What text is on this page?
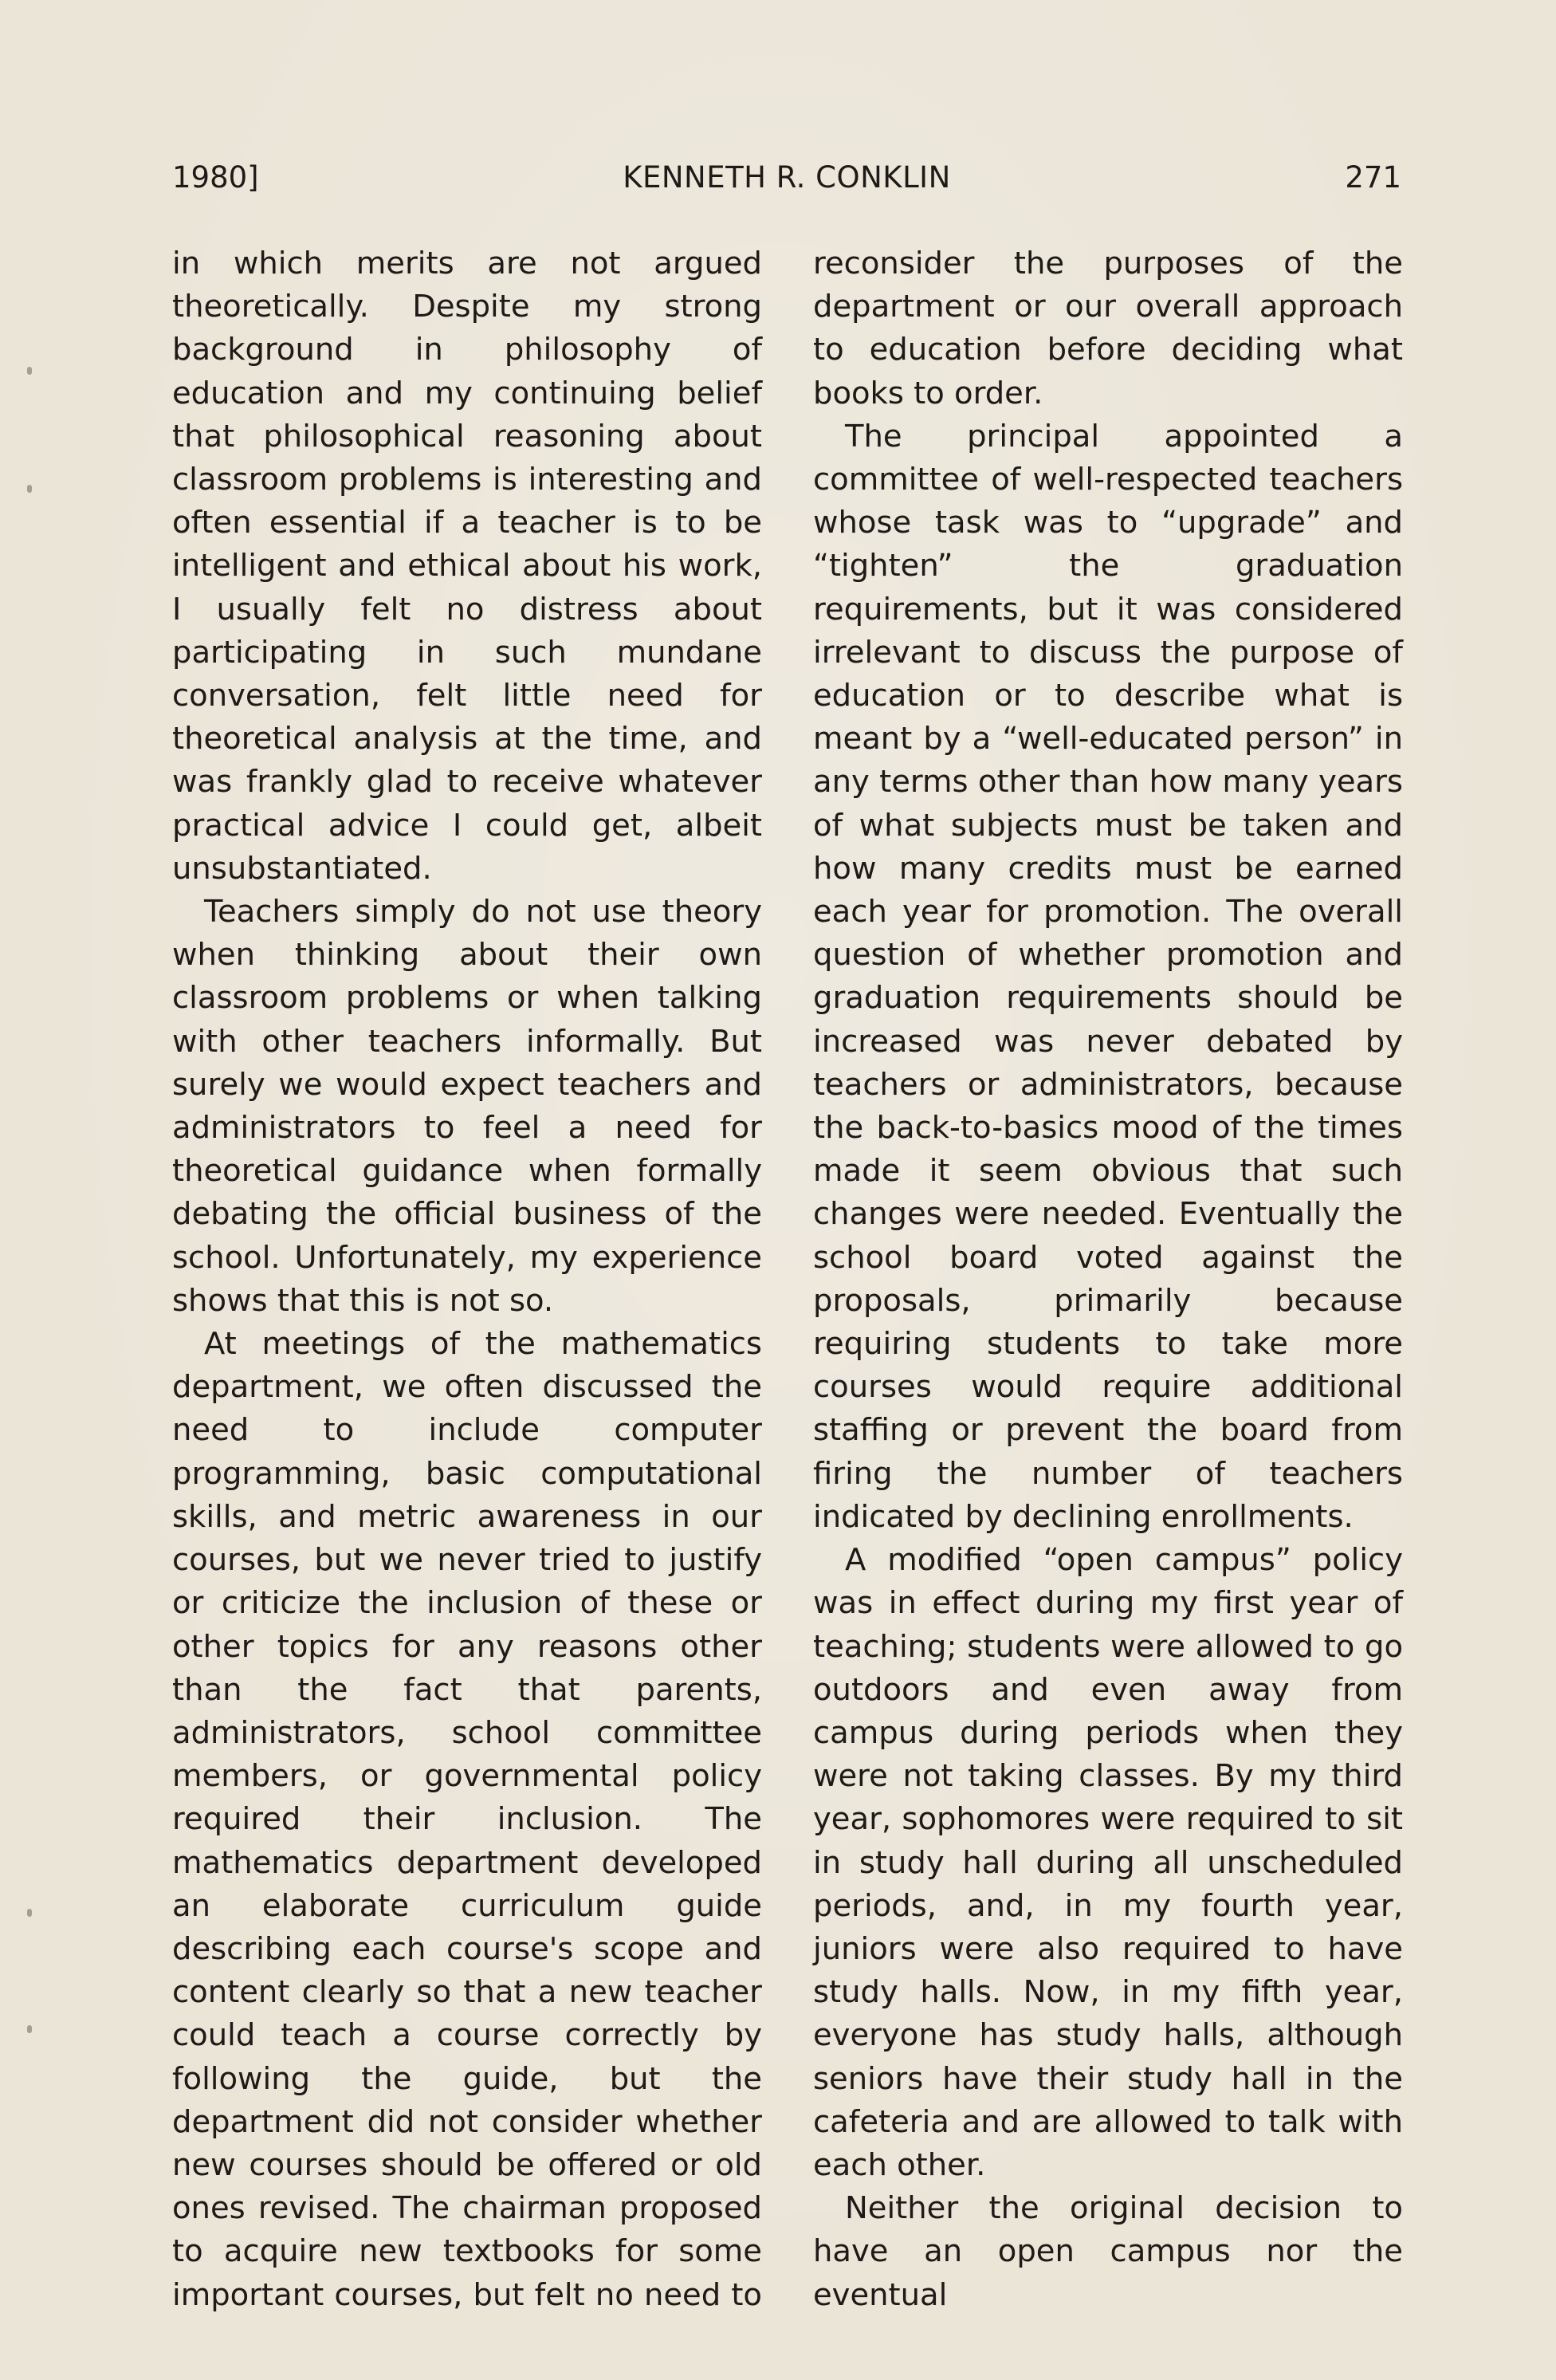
1980]	KENNETH R. CONKLIN	271

in which merits are not argued theoretically. Despite my strong background in philosophy of education and my continuing belief that philosophical reasoning about classroom problems is interesting and often essential if a teacher is to be intelligent and ethical about his work, I usually felt no distress about participating in such mundane conversation, felt little need for theoretical analysis at the time, and was frankly glad to receive whatever practical advice I could get, albeit unsubstantiated.

Teachers simply do not use theory when thinking about their own classroom problems or when talking with other teachers informally. But surely we would expect teachers and administrators to feel a need for theoretical guidance when formally debating the official business of the school. Unfortunately, my experience shows that this is not so.

At meetings of the mathematics department, we often discussed the need to include computer programming, basic computational skills, and metric awareness in our courses, but we never tried to justify or criticize the inclusion of these or other topics for any reasons other than the fact that parents, administrators, school committee members, or governmental policy required their inclusion. The mathematics department developed an elaborate curriculum guide describing each course's scope and content clearly so that a new teacher could teach a course correctly by following the guide, but the department did not consider whether new courses should be offered or old ones revised. The chairman proposed to acquire new textbooks for some important courses, but felt no need to

reconsider the purposes of the department or our overall approach to education before deciding what books to order.

The principal appointed a committee of well-respected teachers whose task was to “upgrade” and “tighten” the graduation requirements, but it was considered irrelevant to discuss the purpose of education or to describe what is meant by a “well-educated person” in any terms other than how many years of what subjects must be taken and how many credits must be earned each year for promotion. The overall question of whether promotion and graduation requirements should be increased was never debated by teachers or administrators, because the back-to-basics mood of the times made it seem obvious that such changes were needed. Eventually the school board voted against the proposals, primarily because requiring students to take more courses would require additional staffing or prevent the board from firing the number of teachers indicated by declining enrollments.

A modified “open campus” policy was in effect during my first year of teaching; students were allowed to go outdoors and even away from campus during periods when they were not taking classes. By my third year, sophomores were required to sit in study hall during all unscheduled periods, and, in my fourth year, juniors were also required to have study halls. Now, in my fifth year, everyone has study halls, although seniors have their study hall in the cafeteria and are allowed to talk with each other.

Neither the original decision to have an open campus nor the eventual
